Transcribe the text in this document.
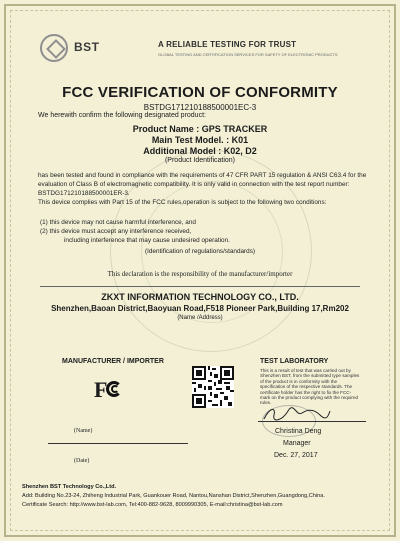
BST	A RELIABLE TESTING FOR TRUST
GLOBAL TESTING AND CERTIFICATION SERVICES FOR SAFETY OF ELECTRONIC PRODUCTS
FCC VERIFICATION OF CONFORMITY
BSTDG171210188500001EC-3
We herewith confirm the following designated product:
Product Name : GPS TRACKER
Main Test Model. : K01
Additional Model : K02, D2
(Product Identification)
has been tested and found in compliance with the requirements of 47 CFR PART 15 regulation & ANSI C63.4 for the evaluation of Class B of electromagnetic compatibility. It is only valid in connection with the test report number: BSTDG171210188500001ER-3.
This device complies with Part 15 of the FCC rules,operation is subject to the following two conditions:
(1) this device may not cause harmful interference, and
(2) this device must accept any interference received,
including interference that may cause undesired operation.
(Identification of regulations/standards)
This declaration is the responsibility of the manufacturer/importer
ZKXT INFORMATION TECHNOLOGY CO., LTD.
Shenzhen,Baoan District,Baoyuan Road,F518 Pioneer Park,Building 17,Rm202
(Name /Address)
MANUFACTURER / IMPORTER
F
(Name)
(Date)
TEST LABORATORY
This is a result of test that was carried out by Shenzhen BST, from the submitted type samples of the product is in conformity with the specification of the respective standards. The certificate holder has the right to fix the FCC-mark on the product complying with the required rules.
Christina Deng
Manager
Dec. 27, 2017
Shenzhen BST Technology Co.,Ltd.
Add: Building No.23-24, Zhiheng Industrial Park, Guankouer Road, Nantou,Nanshan District,Shenzhen,Guangdong,China.
Certificate Search: http://www.bst-lab.com, Tel:400-882-9628, 8009990305, E-mail:christina@bst-lab.com
